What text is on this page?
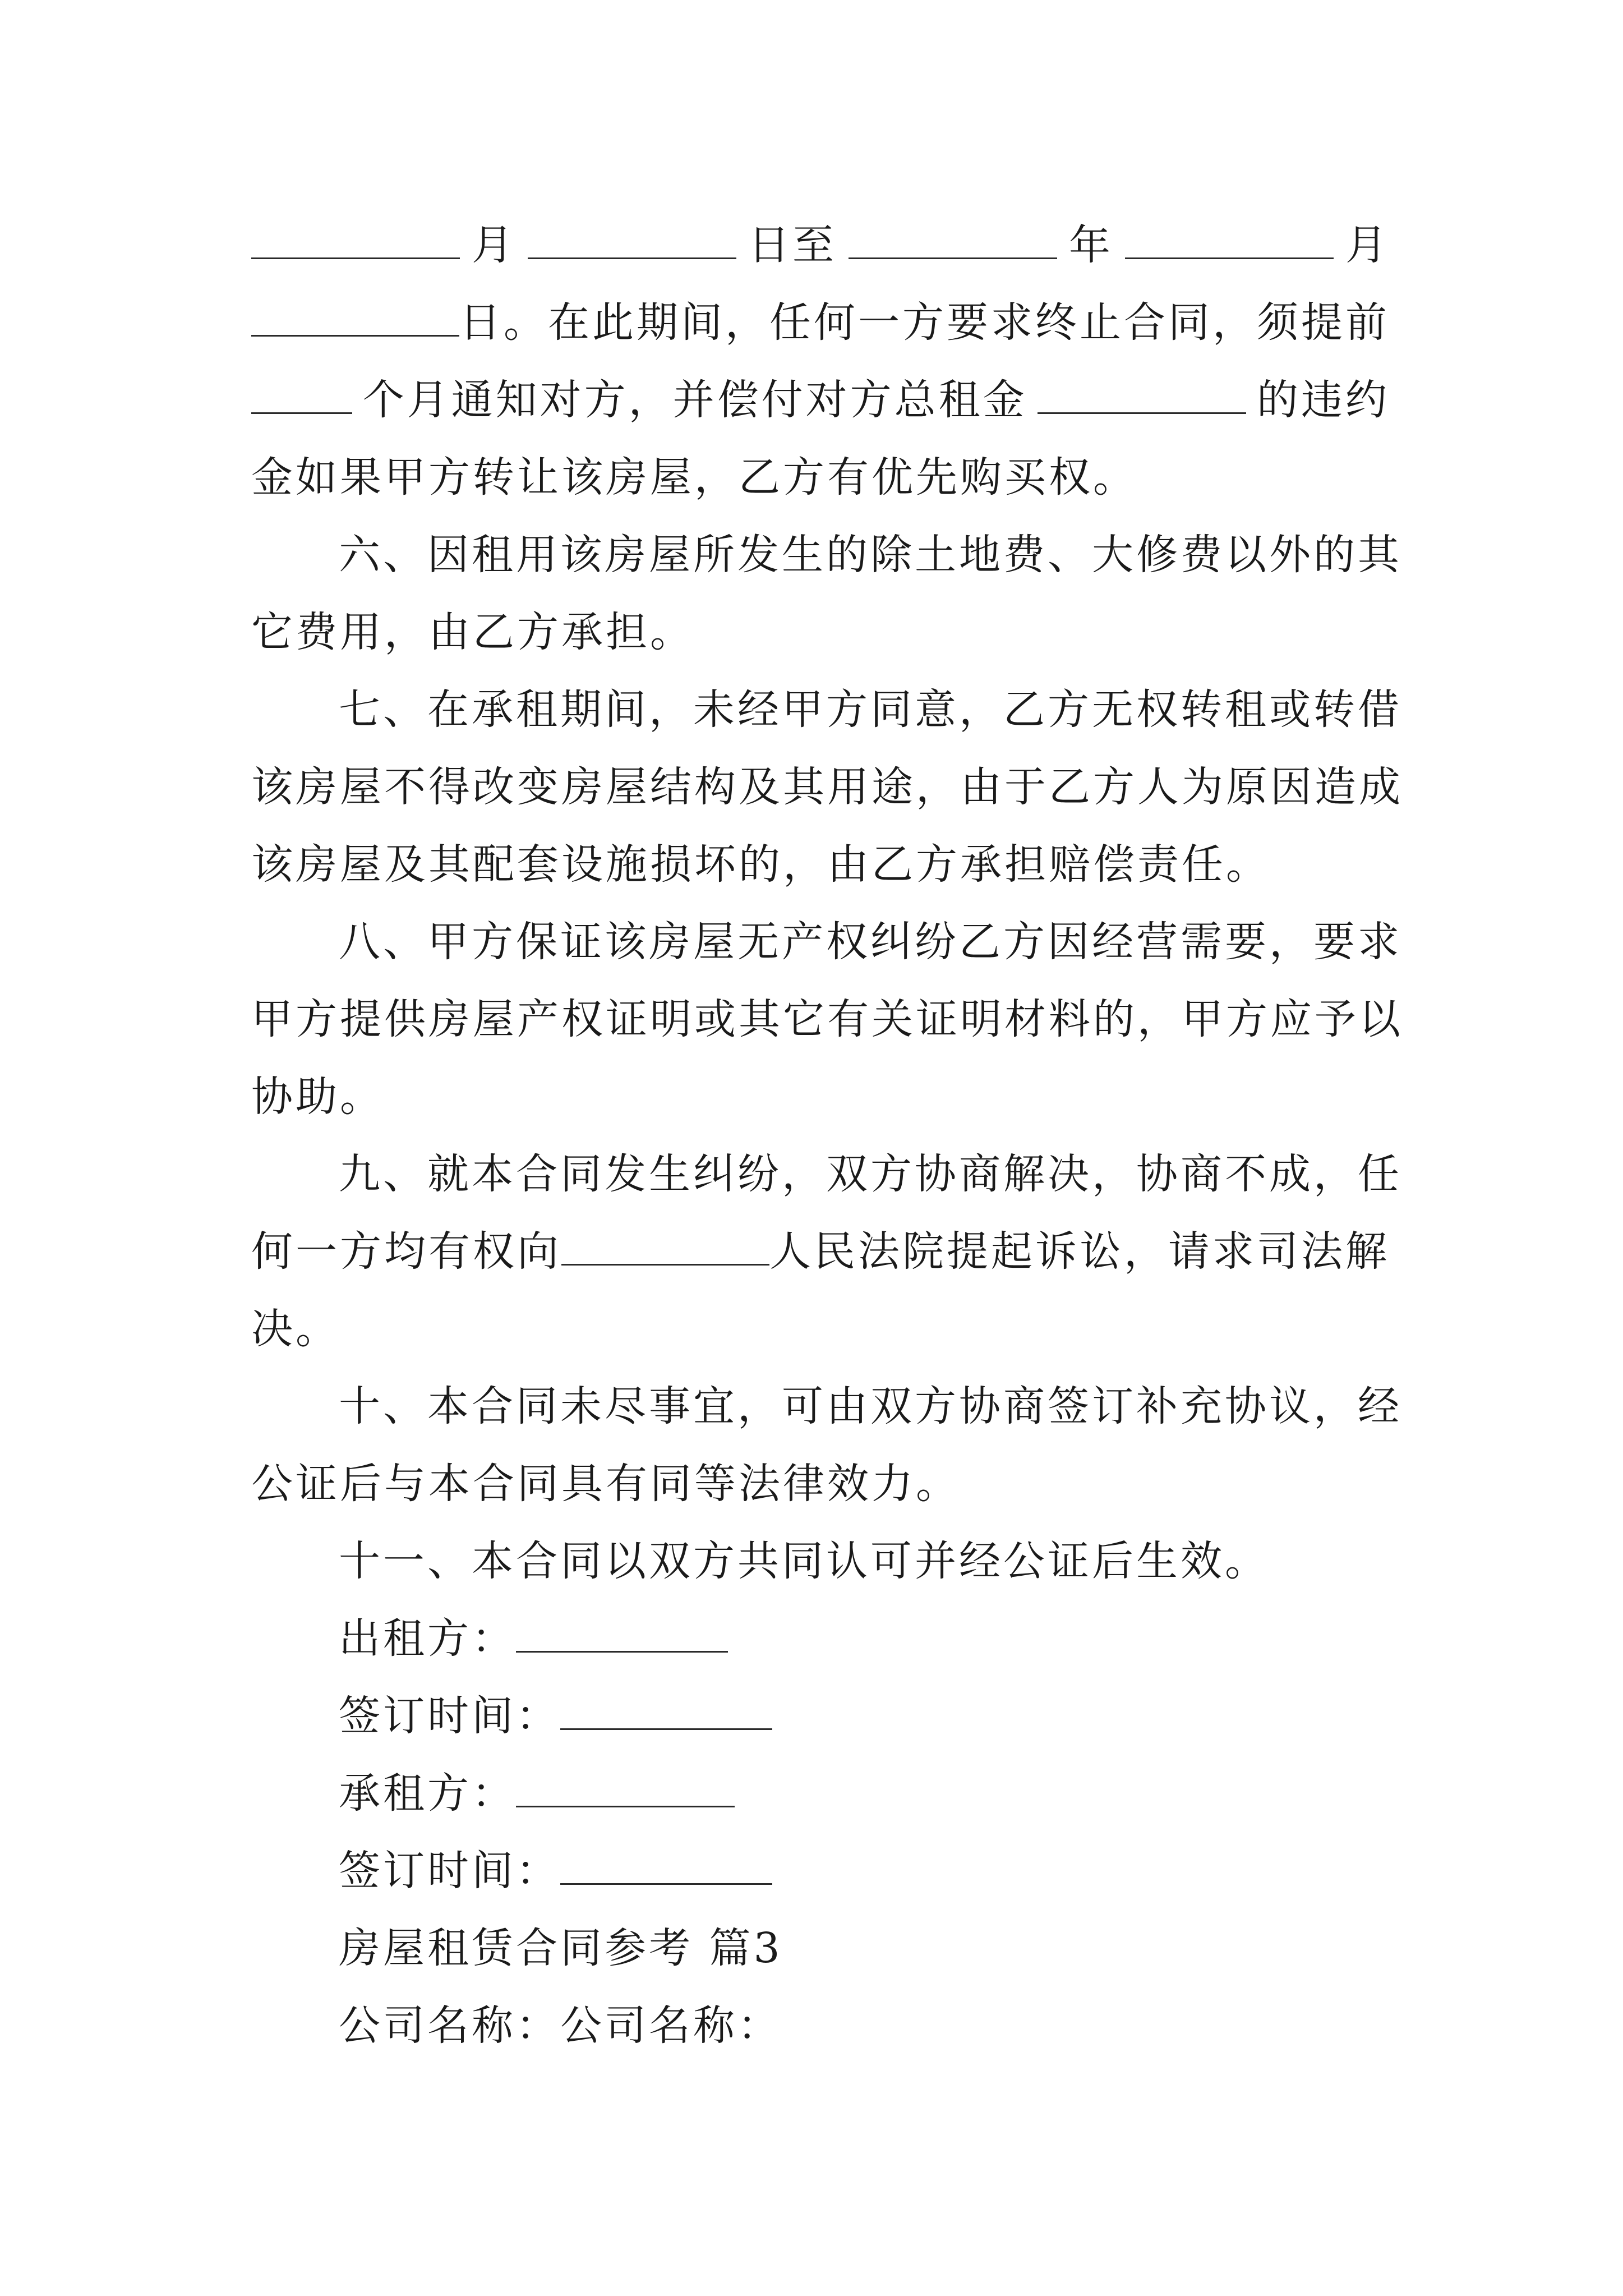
月	日至	年	月
日。在此期间，任何一方要求终止合同，须提前
个月通知对方，并偿付对方总租金	的违约
金如果甲方转让该房屋，乙方有优先购买权。
六、因租用该房屋所发生的除土地费、大修费以外的其
它费用，由乙方承担。
七、在承租期间，未经甲方同意，乙方无权转租或转借
该房屋不得改变房屋结构及其用途，由于乙方人为原因造成
该房屋及其配套设施损坏的，由乙方承担赔偿责任。
八、甲方保证该房屋无产权纠纷乙方因经营需要，要求
甲方提供房屋产权证明或其它有关证明材料的，甲方应予以
协助。
九、就本合同发生纠纷，双方协商解决，协商不成，任
何一方均有权向	人民法院提起诉讼，请求司法解
决。
十、本合同未尽事宜，可由双方协商签订补充协议，经
公证后与本合同具有同等法律效力。
十一、本合同以双方共同认可并经公证后生效。
出租方：
签订时间：
承租方：
签订时间：
房屋租赁合同参考 篇3
公司名称：公司名称：
